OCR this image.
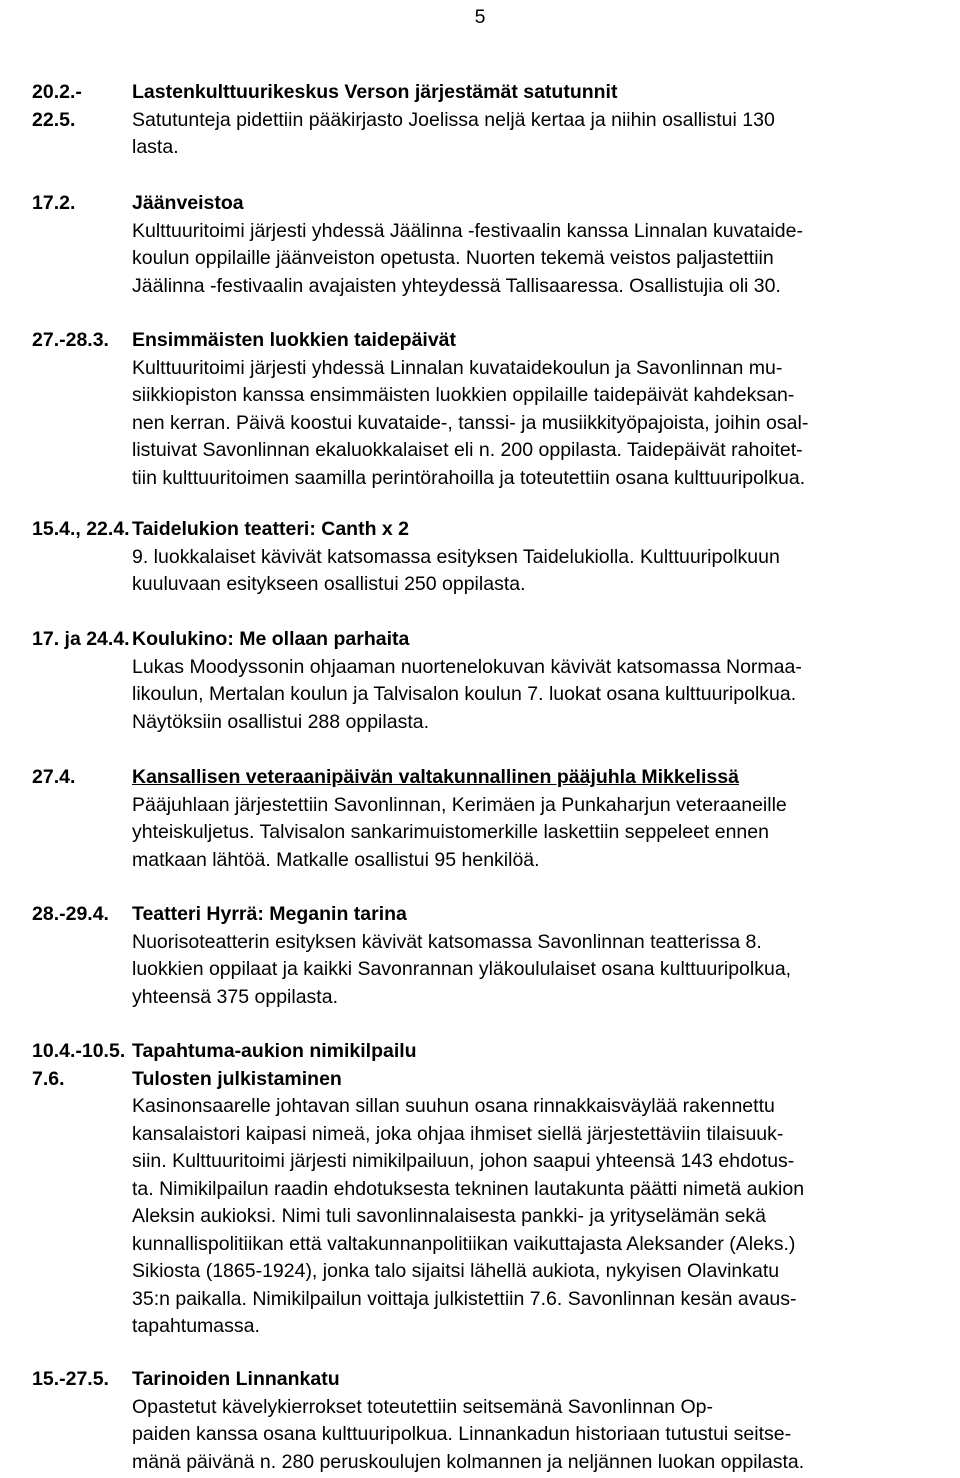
5
20.2.-	Lastenkulttuurikeskus Verson järjestämät satutunnit
22.5.	Satutunteja pidettiin pääkirjasto Joelissa neljä kertaa ja niihin osallistui 130
lasta.
17.2.	Jäänveistoa
Kulttuuritoimi järjesti yhdessä Jäälinna -festivaalin kanssa Linnalan kuvataide-
koulun oppilaille jäänveiston opetusta. Nuorten tekemä veistos paljastettiin
Jäälinna -festivaalin avajaisten yhteydessä Tallisaaressa. Osallistujia oli 30.
27.-28.3. Ensimmäisten luokkien taidepäivät
Kulttuuritoimi järjesti yhdessä Linnalan kuvataidekoulun ja Savonlinnan mu-
siikkiopiston kanssa ensimmäisten luokkien oppilaille taidepäivät kahdeksan-
nen kerran. Päivä koostui kuvataide-, tanssi- ja musiikkityöpajoista, joihin osal-
listuivat Savonlinnan ekaluokkalaiset eli n. 200 oppilasta. Taidepäivät rahoitet-
tiin kulttuuritoimen saamilla perintörahoilla ja toteutettiin osana kulttuuripolkua.
15.4., 22.4. Taidelukion teatteri: Canth x 2
9. luokkalaiset kävivät katsomassa esityksen Taidelukiolla. Kulttuuripolkuun
kuuluvaan esitykseen osallistui 250 oppilasta.
17. ja 24.4. Koulukino: Me ollaan parhaita
Lukas Moodyssonin ohjaaman nuortenelokuvan kävivät katsomassa Normaa-
likoulun, Mertalan koulun ja Talvisalon koulun 7. luokat osana kulttuuripolkua.
Näytöksiin osallistui 288 oppilasta.
27.4.	Kansallisen veteraanipäivän valtakunnallinen pääjuhla Mikkelissä
Pääjuhlaan järjestettiin Savonlinnan, Kerimäen ja Punkaharjun veteraaneille
yhteiskuljetus. Talvisalon sankarimuistomerkille laskettiin seppeleet ennen
matkaan lähtöä. Matkalle osallistui 95 henkilöä.
28.-29.4. Teatteri Hyrrä: Meganin tarina
Nuorisoteatterin esityksen kävivät katsomassa Savonlinnan teatterissa 8.
luokkien oppilaat ja kaikki Savonrannan yläkoululaiset osana kulttuuripolkua,
yhteensä 375 oppilasta.
10.4.-10.5. Tapahtuma-aukion nimikilpailu
7.6.	Tulosten julkistaminen
Kasinonsaarelle johtavan sillan suuhun osana rinnakkaisväylää rakennettu
kansalaistori kaipasi nimeä, joka ohjaa ihmiset siellä järjestettäviin tilaisuuk-
siin. Kulttuuritoimi järjesti nimikilpailuun, johon saapui yhteensä 143 ehdotus-
ta. Nimikilpailun raadin ehdotuksesta tekninen lautakunta päätti nimetä aukion
Aleksin aukioksi. Nimi tuli savonlinnalaisesta pankki- ja yrityselämän sekä
kunnallispolitiikan että valtakunnanpolitiikan vaikuttajasta Aleksander (Aleks.)
Sikiosta (1865-1924), jonka talo sijaitsi lähellä aukiota, nykyisen Olavinkatu
35:n paikalla. Nimikilpailun voittaja julkistettiin 7.6. Savonlinnan kesän avaus-
tapahtumassa.
15.-27.5. Tarinoiden Linnankatu
Opastetut kävelykierrokset toteutettiin seitsemänä Savonlinnan Op-
paiden kanssa osana kulttuuripolkua. Linnankadun historiaan tutustui seitse-
mänä päivänä n. 280 peruskoulujen kolmannen ja neljännen luokan oppilasta.
